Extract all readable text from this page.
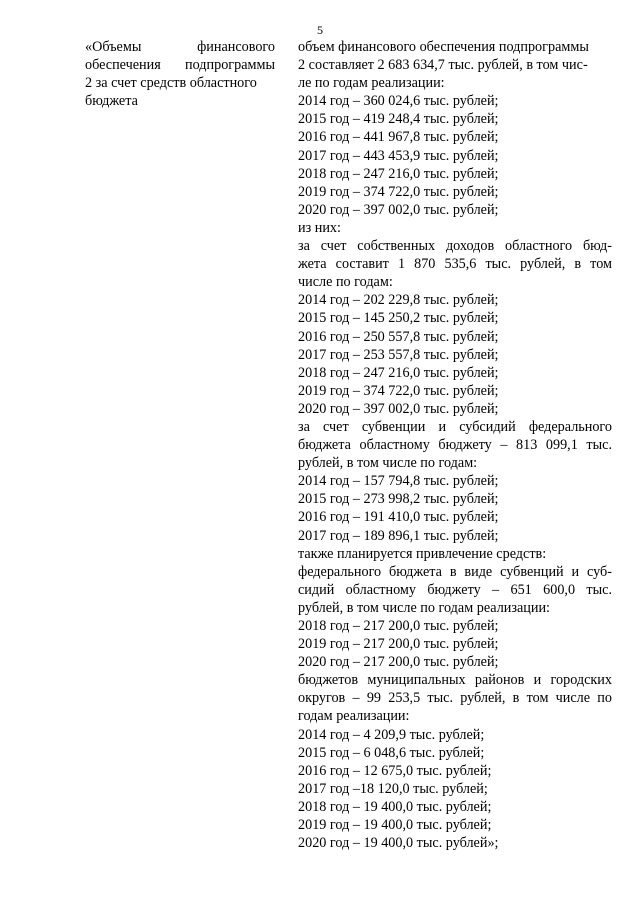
5
«Объемы финансового
обеспечения подпрограммы
2 за счет средств областного
бюджета
объем финансового обеспечения подпрограммы
2 составляет 2 683 634,7 тыс. рублей, в том чис-
ле по годам реализации:
2014 год – 360 024,6 тыс. рублей;
2015 год – 419 248,4 тыс. рублей;
2016 год – 441 967,8 тыс. рублей;
2017 год – 443 453,9 тыс. рублей;
2018 год – 247 216,0 тыс. рублей;
2019 год – 374 722,0 тыс. рублей;
2020 год – 397 002,0 тыс. рублей;
из них:
за счет собственных доходов областного бюд-
жета составит 1 870 535,6 тыс. рублей, в том
числе по годам:
2014 год – 202 229,8 тыс. рублей;
2015 год – 145 250,2 тыс. рублей;
2016 год – 250 557,8 тыс. рублей;
2017 год – 253 557,8 тыс. рублей;
2018 год – 247 216,0 тыс. рублей;
2019 год – 374 722,0 тыс. рублей;
2020 год – 397 002,0 тыс. рублей;
за счет субвенции и субсидий федерального
бюджета областному бюджету – 813 099,1 тыс.
рублей, в том числе по годам:
2014 год – 157 794,8 тыс. рублей;
2015 год – 273 998,2 тыс. рублей;
2016 год – 191 410,0 тыс. рублей;
2017 год – 189 896,1 тыс. рублей;
также планируется привлечение средств:
федерального бюджета в виде субвенций и суб-
сидий областному бюджету – 651 600,0 тыс.
рублей, в том числе по годам реализации:
2018 год – 217 200,0 тыс. рублей;
2019 год – 217 200,0 тыс. рублей;
2020 год – 217 200,0 тыс. рублей;
бюджетов муниципальных районов и городских
округов – 99 253,5 тыс. рублей, в том числе по
годам реализации:
2014 год – 4 209,9 тыс. рублей;
2015 год – 6 048,6 тыс. рублей;
2016 год – 12 675,0 тыс. рублей;
2017 год –18 120,0 тыс. рублей;
2018 год – 19 400,0 тыс. рублей;
2019 год – 19 400,0 тыс. рублей;
2020 год – 19 400,0 тыс. рублей»;
